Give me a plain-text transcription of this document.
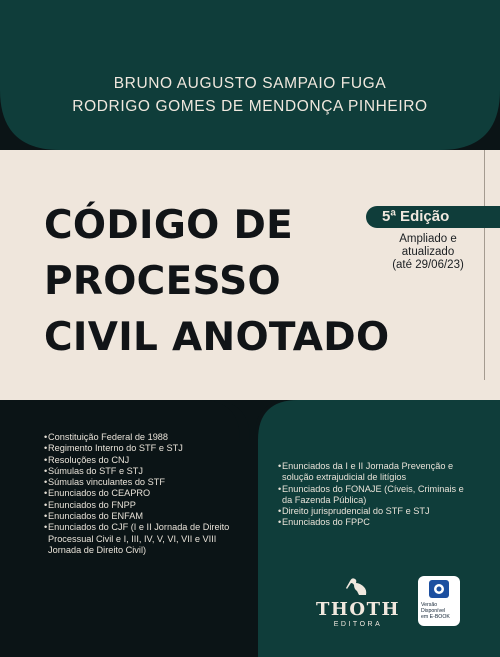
BRUNO AUGUSTO SAMPAIO FUGA
RODRIGO GOMES DE MENDONÇA PINHEIRO
CÓDIGO DE
PROCESSO
CIVIL ANOTADO
5ª Edição
Ampliado e
atualizado
(até 29/06/23)
• Constituição Federal de 1988
• Regimento Interno do STF e STJ
• Resoluções do CNJ
• Súmulas do STF e STJ
• Súmulas vinculantes do STF
• Enunciados do CEAPRO
• Enunciados do FNPP
• Enunciados do ENFAM
• Enunciados do CJF (I e II Jornada de Direito Processual Civil e I, III, IV, V, VI, VII e VIII Jornada de Direito Civil)
• Enunciados da I e II Jornada Prevenção e solução extrajudicial de litígios
• Enunciados do FONAJE (Cíveis, Criminais e da Fazenda Pública)
• Direito jurisprudencial do STF e STJ
• Enunciados do FPPC
THOTH
EDITORA
Versão
Disponível
em E-BOOK
